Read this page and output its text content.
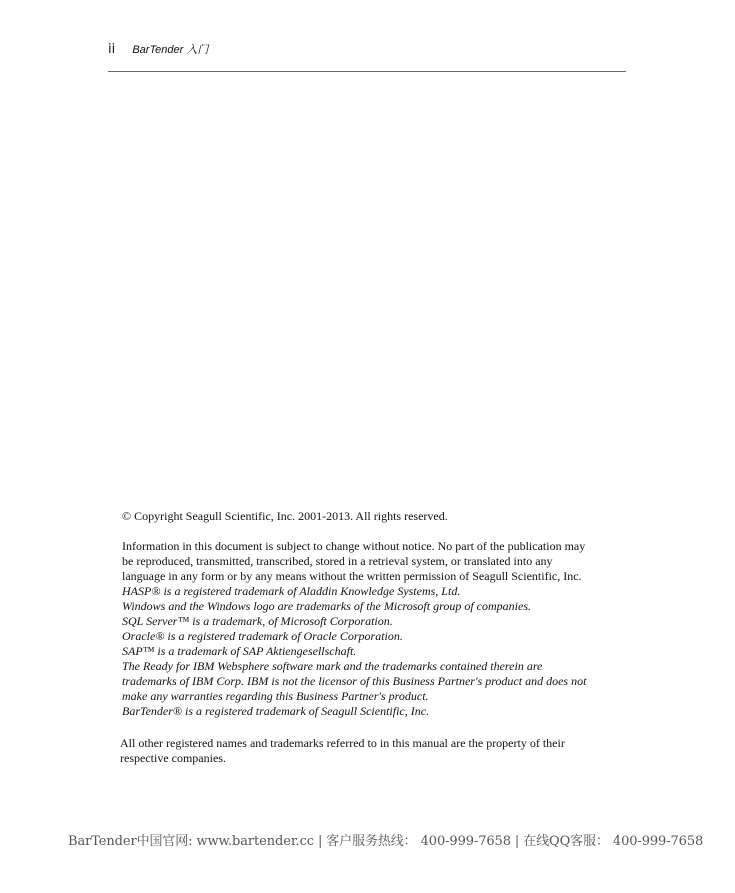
ii BarTender 入门

© Copyright Seagull Scientific, Inc. 2001-2013. All rights reserved.

Information in this document is subject to change without notice. No part of the publication may
be reproduced, transmitted, transcribed, stored in a retrieval system, or translated into any
language in any form or by any means without the written permission of Seagull Scientific, Inc.

HASP® is a registered trademark of Aladdin Knowledge Systems, Ltd.
Windows and the Windows logo are trademarks of the Microsoft group of companies.
SQL Server™ is a trademark, of Microsoft Corporation.
Oracle® is a registered trademark of Oracle Corporation.
SAP™ is a trademark of SAP Aktiengesellschaft.
The Ready for IBM Websphere software mark and the trademarks contained therein are
trademarks of IBM Corp. IBM is not the licensor of this Business Partner's product and does not
make any warranties regarding this Business Partner's product.
BarTender® is a registered trademark of Seagull Scientific, Inc.

All other registered names and trademarks referred to in this manual are the property of their
respective companies.

BarTender中国官网: www.bartender.cc | 客户服务热线： 400-999-7658 | 在线QQ客服： 400-999-7658
